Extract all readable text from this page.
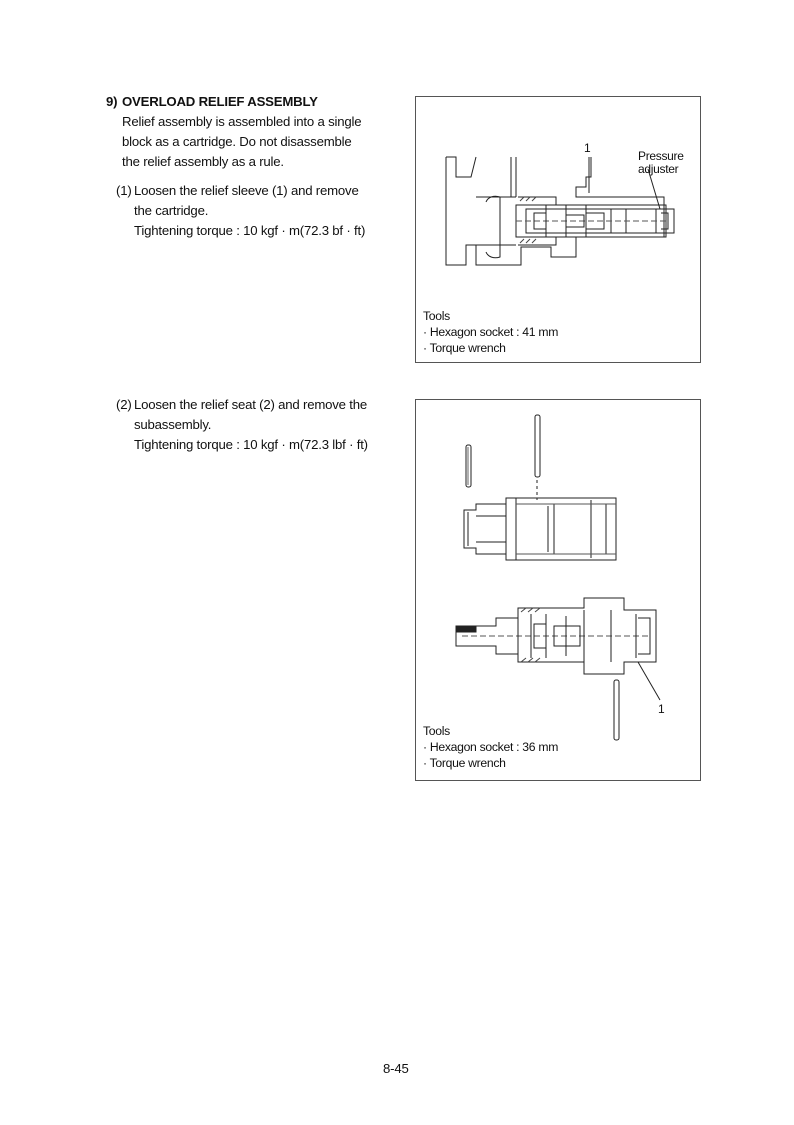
9) OVERLOAD RELIEF ASSEMBLY
Relief assembly is assembled into a single
block as a cartridge. Do not disassemble
the relief assembly as a rule.
(1) Loosen the relief sleeve (1) and remove
the cartridge.
Tightening torque : 10 kgf · m(72.3 bf · ft)
(2) Loosen the relief seat (2) and remove the
subassembly.
Tightening torque : 10 kgf · m(72.3 lbf · ft)
1
Pressure
adjuster
Tools
· Hexagon socket : 41 mm
· Torque wrench
1
Tools
· Hexagon socket : 36 mm
· Torque wrench
8-45
